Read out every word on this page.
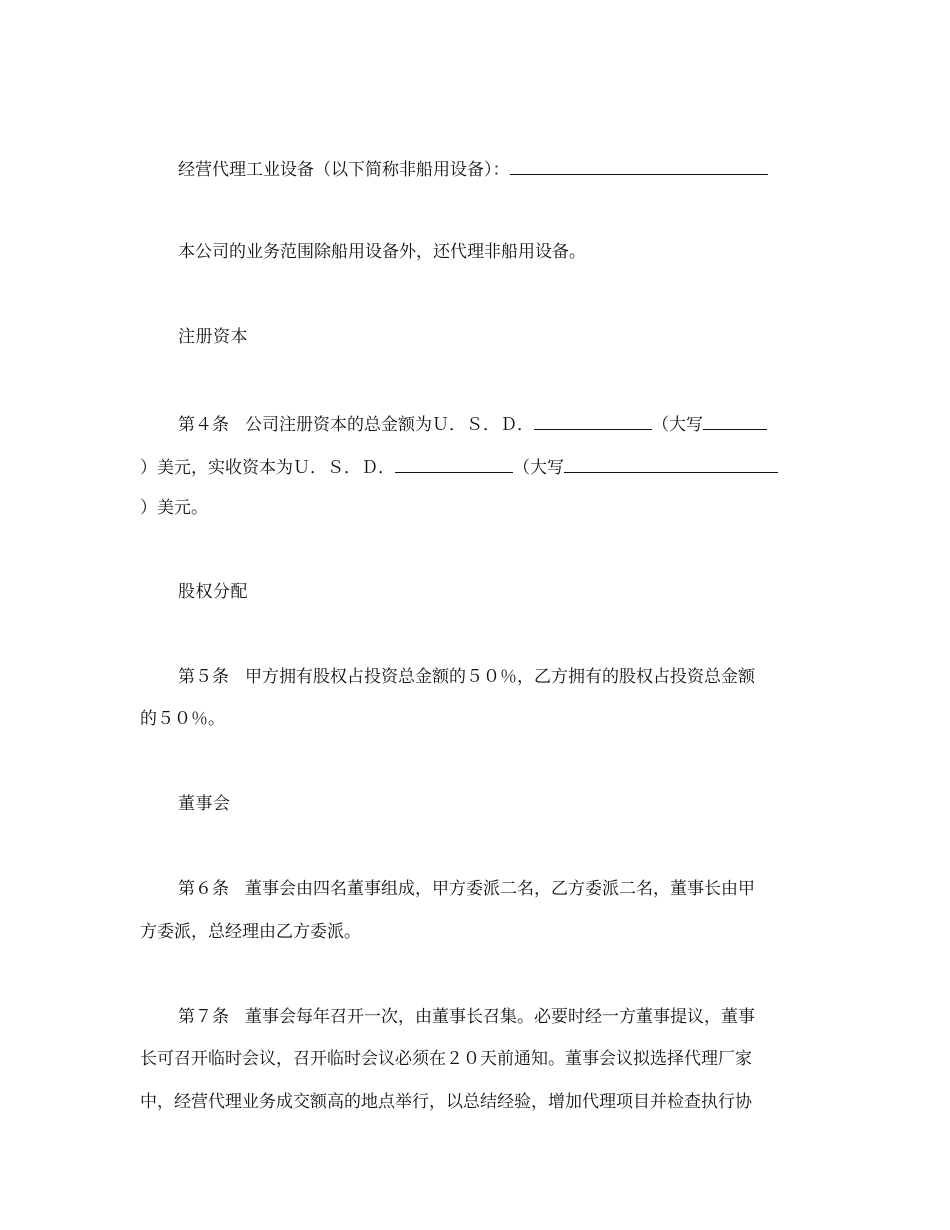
经营代理工业设备（以下简称非船用设备）：
本公司的业务范围除船用设备外，还代理非船用设备。
注册资本
第４条 公司注册资本的总金额为Ｕ．Ｓ．Ｄ．	（大写
）美元，实收资本为Ｕ．Ｓ．Ｄ．	（大写
）美元。
股权分配
第５条 甲方拥有股权占投资总金额的５０％，乙方拥有的股权占投资总金额
的５０％。
董事会
第６条 董事会由四名董事组成，甲方委派二名，乙方委派二名，董事长由甲
方委派，总经理由乙方委派。
第７条 董事会每年召开一次，由董事长召集。必要时经一方董事提议，董事
长可召开临时会议，召开临时会议必须在２０天前通知。董事会议拟选择代理厂家
中，经营代理业务成交额高的地点举行，以总结经验，增加代理项目并检查执行协
